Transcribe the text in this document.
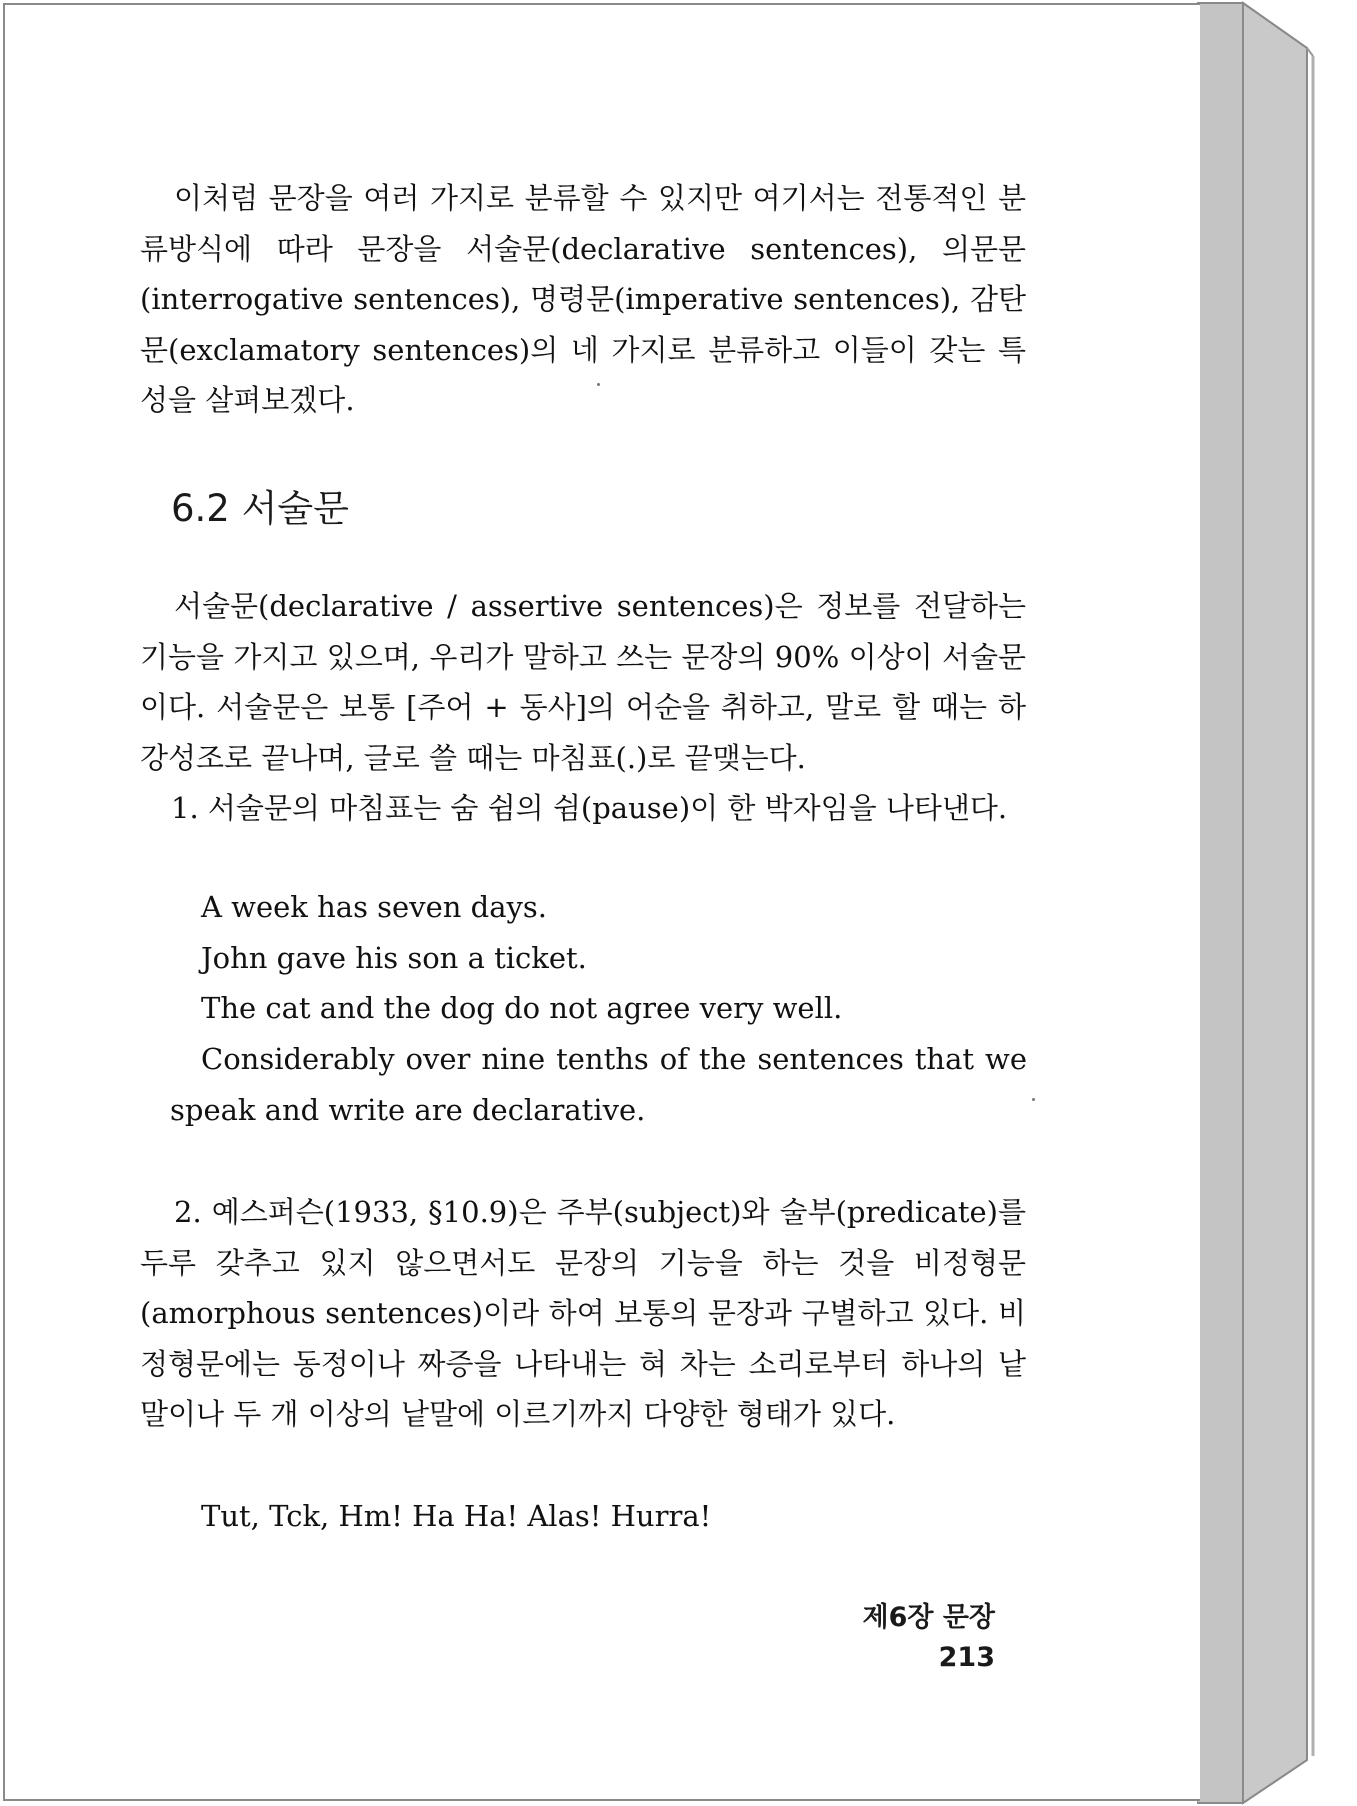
이처럼 문장을 여러 가지로 분류할 수 있지만 여기서는 전통적인 분류방식에 따라 문장을 서술문(declarative sentences), 의문문(interrogative sentences), 명령문(imperative sentences), 감탄문(exclamatory sentences)의 네 가지로 분류하고 이들이 갖는 특성을 살펴보겠다.

6.2 서술문

서술문(declarative / assertive sentences)은 정보를 전달하는 기능을 가지고 있으며, 우리가 말하고 쓰는 문장의 90% 이상이 서술문이다. 서술문은 보통 [주어 + 동사]의 어순을 취하고, 말로 할 때는 하강성조로 끝나며, 글로 쓸 때는 마침표(.)로 끝맺는다.

1. 서술문의 마침표는 숨 쉼의 쉼(pause)이 한 박자임을 나타낸다.

A week has seven days.
John gave his son a ticket.
The cat and the dog do not agree very well.

Considerably over nine tenths of the sentences that we speak and write are declarative.

2. 예스퍼슨(1933, §10.9)은 주부(subject)와 술부(predicate)를 두루 갖추고 있지 않으면서도 문장의 기능을 하는 것을 비정형문(amorphous sentences)이라 하여 보통의 문장과 구별하고 있다. 비정형문에는 동정이나 짜증을 나타내는 혀 차는 소리로부터 하나의 낱말이나 두 개 이상의 낱말에 이르기까지 다양한 형태가 있다.

Tut, Tck, Hm! Ha Ha! Alas! Hurra!
제6장 문장 213
